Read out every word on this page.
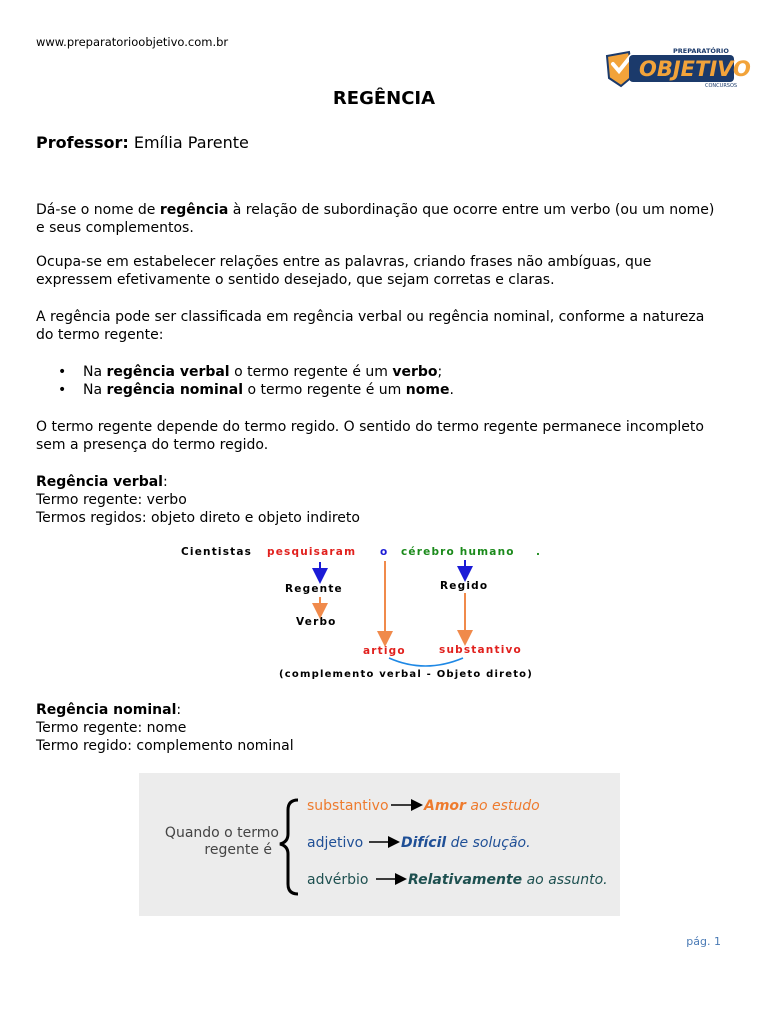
www.preparatorioobjetivo.com.br
PREPARATÓRIO
OBJETIVO
CONCURSOS
REGÊNCIA
Professor: Emília Parente
Dá-se o nome de regência à relação de subordinação que ocorre entre um verbo (ou um nome) e seus complementos.
Ocupa-se em estabelecer relações entre as palavras, criando frases não ambíguas, que expressem efetivamente o sentido desejado, que sejam corretas e claras.
A regência pode ser classificada em regência verbal ou regência nominal, conforme a natureza do termo regente:
• Na regência verbal o termo regente é um verbo;
• Na regência nominal o termo regente é um nome.
O termo regente depende do termo regido. O sentido do termo regente permanece incompleto sem a presença do termo regido.
Regência verbal:
Termo regente: verbo
Termos regidos: objeto direto e objeto indireto
Cientistas pesquisaram o cérebro humano .
Regente	Regido
Verbo
artigo	substantivo
(complemento verbal - Objeto direto)
Regência nominal:
Termo regente: nome
Termo regido: complemento nominal
Quando o termo
regente é
substantivo	Amor ao estudo
adjetivo	Difícil de solução.
advérbio	Relativamente ao assunto.
pág. 1
